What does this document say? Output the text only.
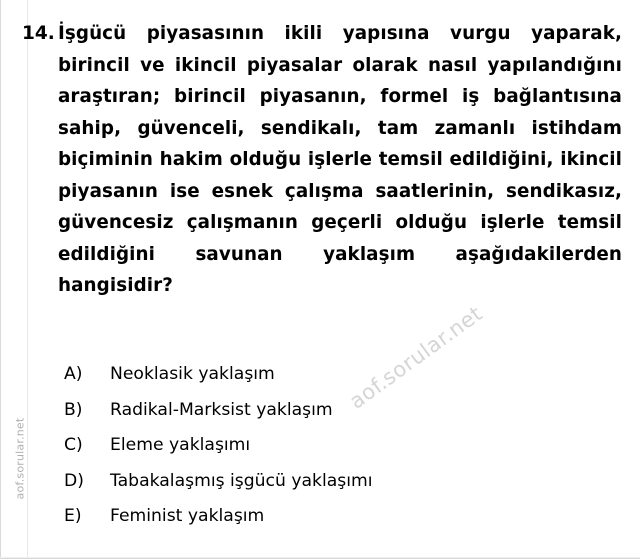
aof.sorular.net
14. İşgücü piyasasının ikili yapısına vurgu yaparak, birincil ve ikincil piyasalar olarak nasıl yapılandığını araştıran; birincil piyasanın, formel iş bağlantısına sahip, güvenceli, sendikalı, tam zamanlı istihdam biçiminin hakim olduğu işlerle temsil edildiğini, ikincil piyasanın ise esnek çalışma saatlerinin, sendikasız, güvencesiz çalışmanın geçerli olduğu işlerle temsil edildiğini savunan yaklaşım aşağıdakilerden hangisidir?
A)	Neoklasik yaklaşım
B)	Radikal-Marksist yaklaşım
C)	Eleme yaklaşımı
D)	Tabakalaşmış işgücü yaklaşımı
E)	Feminist yaklaşım
aof.sorular.net
